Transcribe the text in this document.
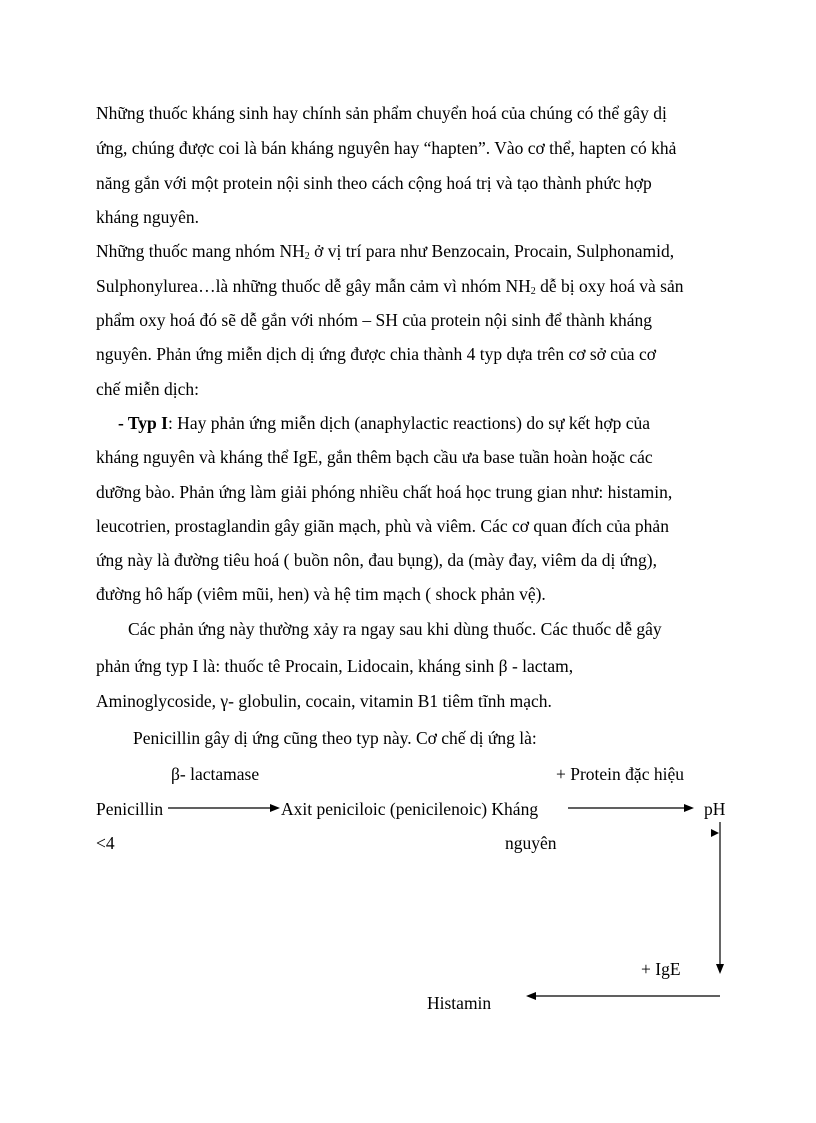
Những thuốc kháng sinh hay chính sản phẩm chuyển hoá của chúng có thể gây dị
ứng, chúng được coi là bán kháng nguyên hay “hapten”. Vào cơ thể, hapten có khả
năng gắn với một protein nội sinh theo cách cộng hoá trị và tạo thành phức hợp
kháng nguyên.
Những thuốc mang nhóm $NH_2$ ở vị trí para như Benzocain, Procain, Sulphonamid,
Sulphonylurea…là những thuốc dễ gây mẫn cảm vì nhóm $NH_2$ dễ bị oxy hoá và sản
phẩm oxy hoá đó sẽ dễ gắn với nhóm – SH của protein nội sinh để thành kháng
nguyên. Phản ứng miễn dịch dị ứng được chia thành 4 typ dựa trên cơ sở của cơ
chế miễn dịch:
- Typ I: Hay phản ứng miễn dịch (anaphylactic reactions) do sự kết hợp của
kháng nguyên và kháng thể IgE, gắn thêm bạch cầu ưa base tuần hoàn hoặc các
dưỡng bào. Phản ứng làm giải phóng nhiều chất hoá học trung gian như: histamin,
leucotrien, prostaglandin gây giãn mạch, phù và viêm. Các cơ quan đích của phản
ứng này là đường tiêu hoá ( buồn nôn, đau bụng), da (mày đay, viêm da dị ứng),
đường hô hấp (viêm mũi, hen) và hệ tim mạch ( shock phản vệ).
Các phản ứng này thường xảy ra ngay sau khi dùng thuốc. Các thuốc dễ gây
phản ứng typ I là: thuốc tê Procain, Lidocain, kháng sinh β - lactam,
Aminoglycoside, γ- globulin, cocain, vitamin B1 tiêm tĩnh mạch.
Penicillin gây dị ứng cũng theo typ này. Cơ chế dị ứng là:
β- lactamase	+ Protein đặc hiệu
Penicillin	Axit peniciloic (penicilenoic) Kháng	pH
<4	nguyên
+ IgE
Histamin
